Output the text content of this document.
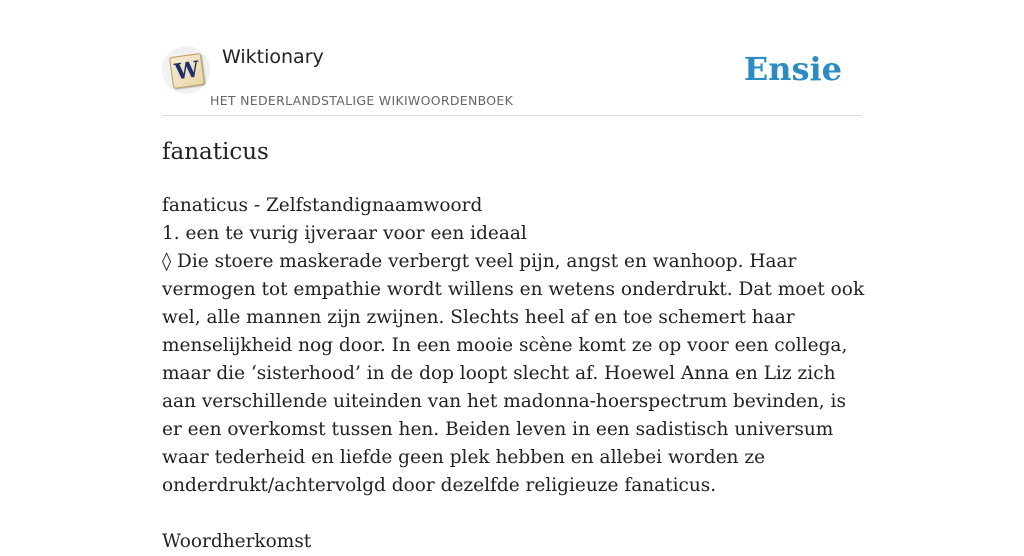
W Wiktionary
HET NEDERLANDSTALIGE WIKIWOORDENBOEK
Ensie
fanaticus
fanaticus - Zelfstandignaamwoord
1. een te vurig ijveraar voor een ideaal
◊ Die stoere maskerade verbergt veel pijn, angst en wanhoop. Haar vermogen tot empathie wordt willens en wetens onderdrukt. Dat moet ook wel, alle mannen zijn zwijnen. Slechts heel af en toe schemert haar menselijkheid nog door. In een mooie scène komt ze op voor een collega, maar die ‘sisterhood’ in de dop loopt slecht af. Hoewel Anna en Liz zich aan verschillende uiteinden van het madonna-hoerspectrum bevinden, is er een overkomst tussen hen. Beiden leven in een sadistisch universum waar tederheid en liefde geen plek hebben en allebei worden ze onderdrukt/achtervolgd door dezelfde religieuze fanaticus.
Woordherkomst
